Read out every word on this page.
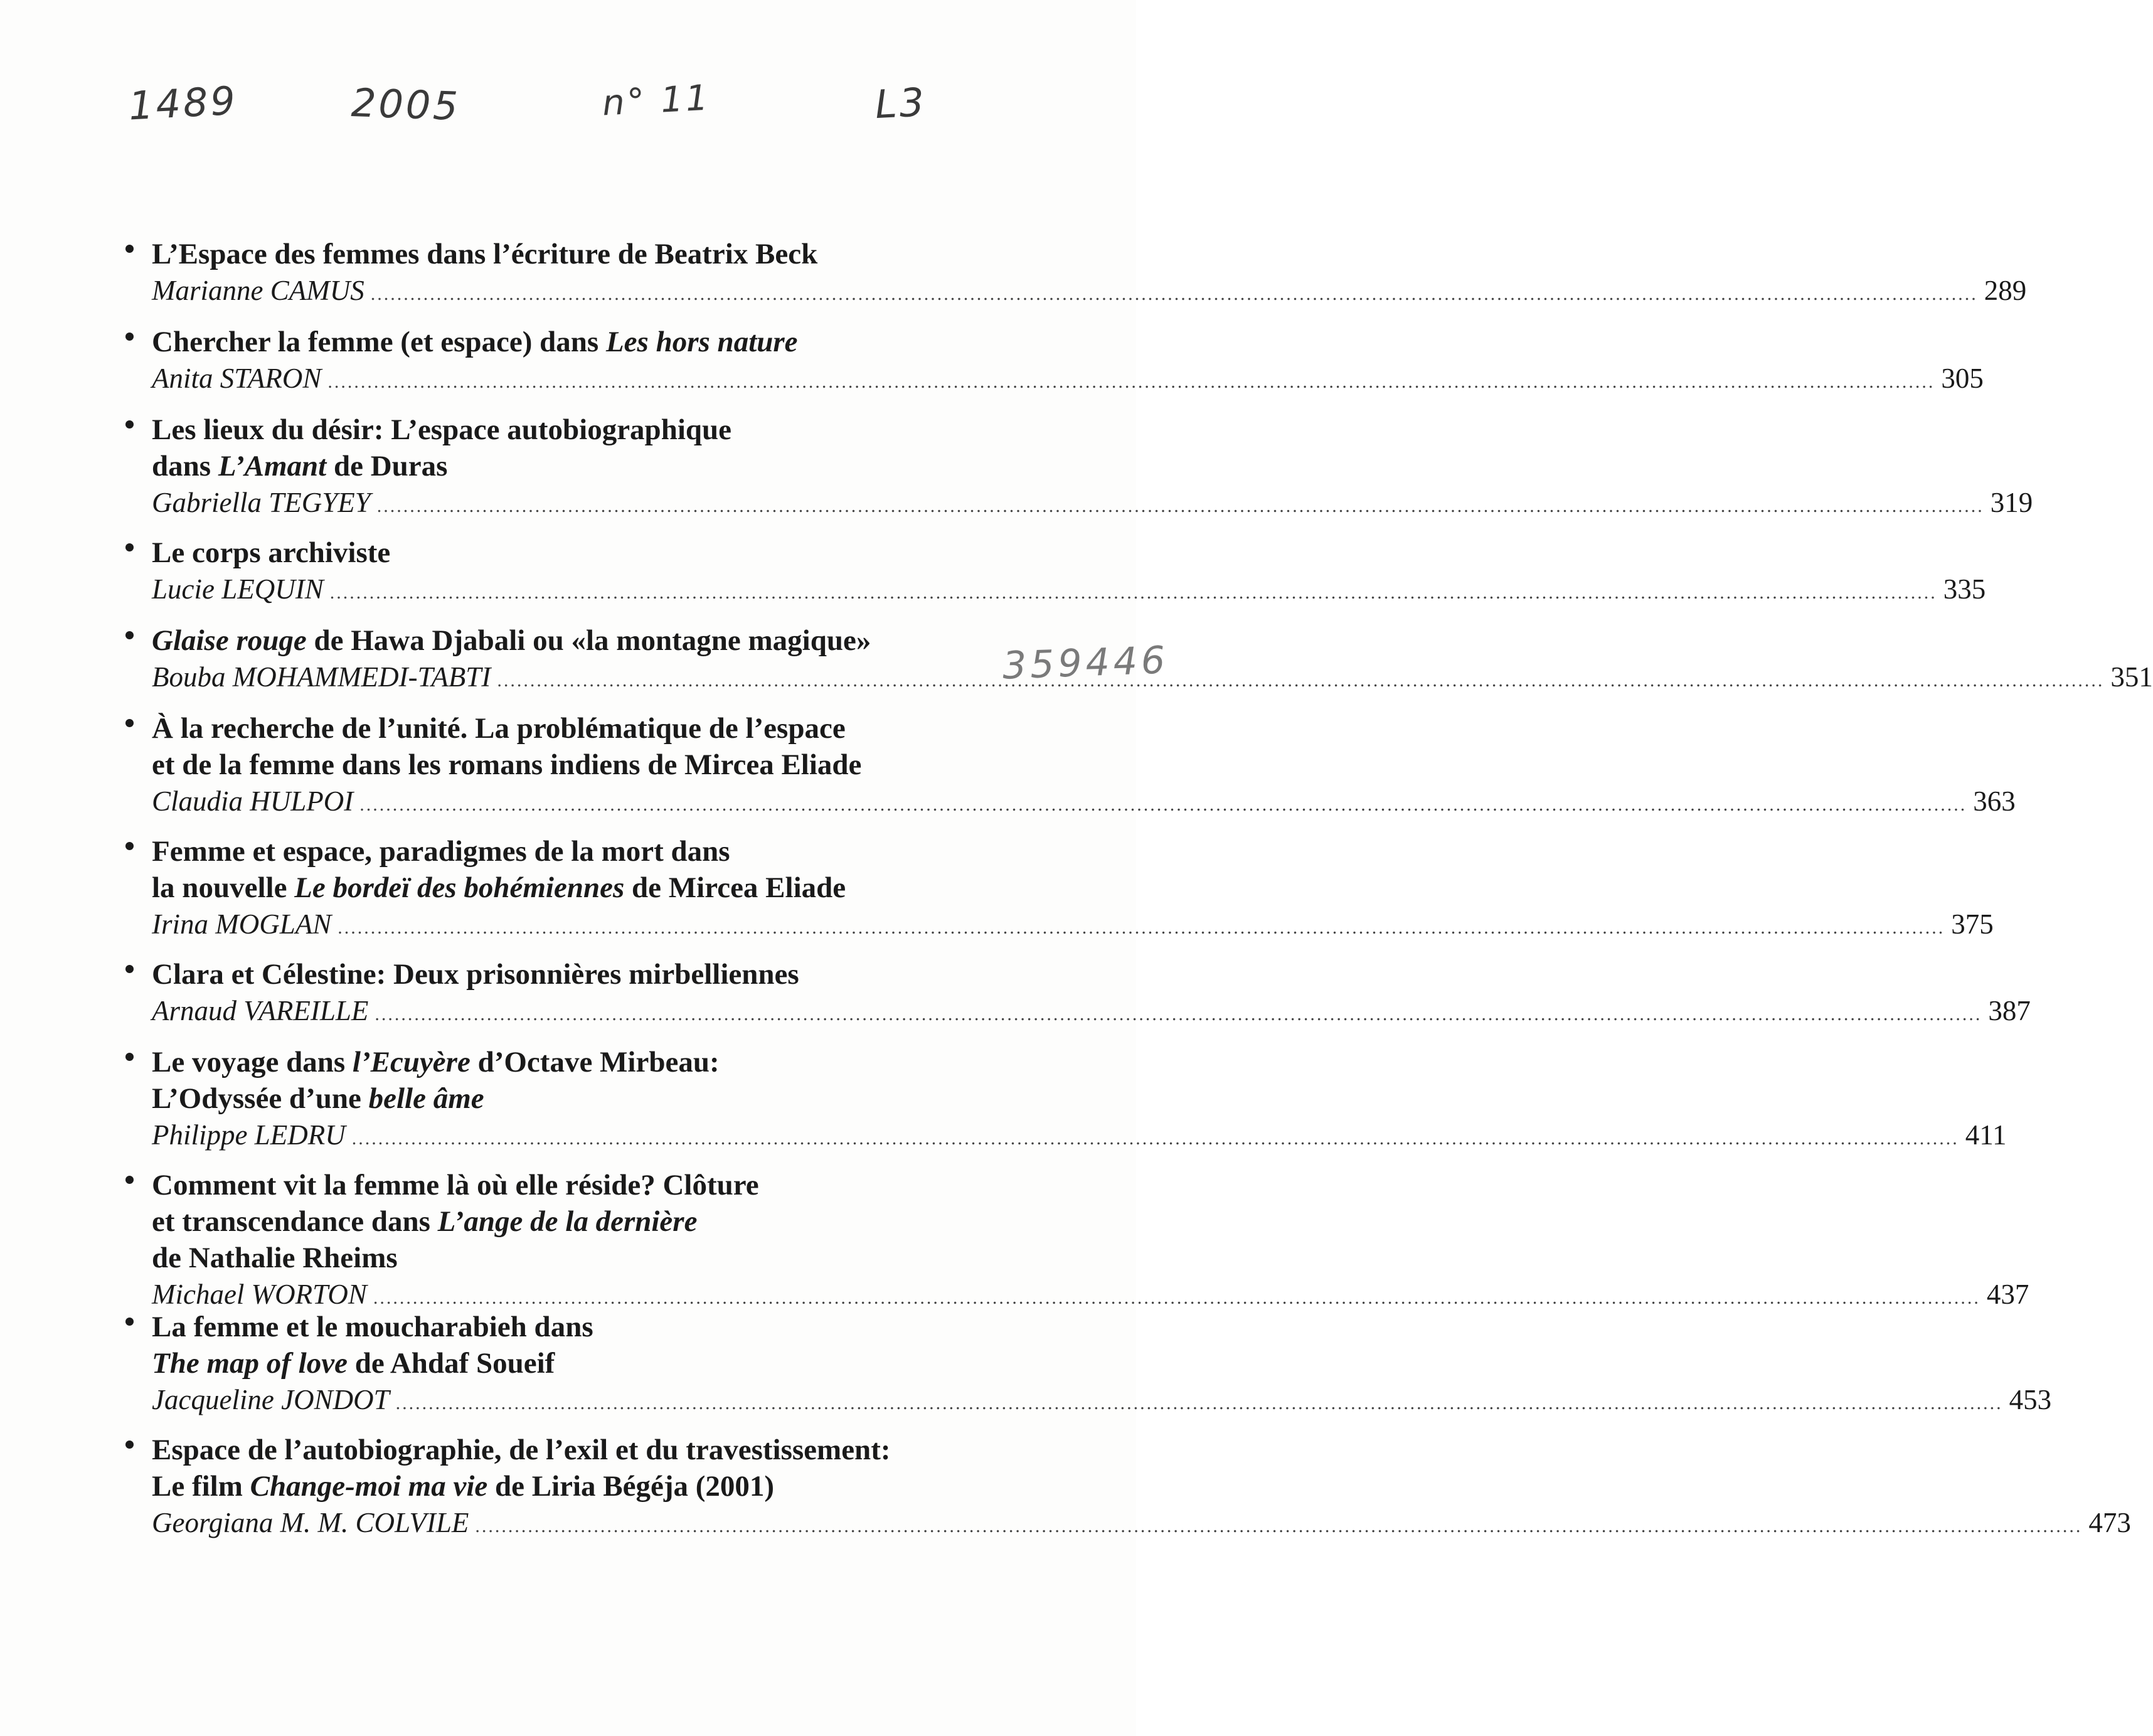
1489	2005	n° 11	L3
359446
L’Espace des femmes dans l’écriture de Beatrix Beck
Marianne CAMUS .....	289
Chercher la femme (et espace) dans Les hors nature
Anita STARON .....	305
Les lieux du désir: L’espace autobiographique
dans L’Amant de Duras
Gabriella TEGYEY .....	319
Le corps archiviste
Lucie LEQUIN .....	335
Glaise rouge de Hawa Djabali ou «la montagne magique»
Bouba MOHAMMEDI-TABTI .....	351
À la recherche de l’unité. La problématique de l’espace
et de la femme dans les romans indiens de Mircea Eliade
Claudia HULPOI .....	363
Femme et espace, paradigmes de la mort dans
la nouvelle Le bordeï des bohémiennes de Mircea Eliade
Irina MOGLAN .....	375
Clara et Célestine: Deux prisonnières mirbelliennes
Arnaud VAREILLE .....	387
Le voyage dans l’Ecuyère d’Octave Mirbeau:
L’Odyssée d’une belle âme
Philippe LEDRU .....	411
Comment vit la femme là où elle réside? Clôture
et transcendance dans L’ange de la dernière
de Nathalie Rheims
Michael WORTON .....	437
La femme et le moucharabieh dans
The map of love de Ahdaf Soueif
Jacqueline JONDOT .....	453
Espace de l’autobiographie, de l’exil et du travestissement:
Le film Change-moi ma vie de Liria Bégéja (2001)
Georgiana M. M. COLVILE .....	473
